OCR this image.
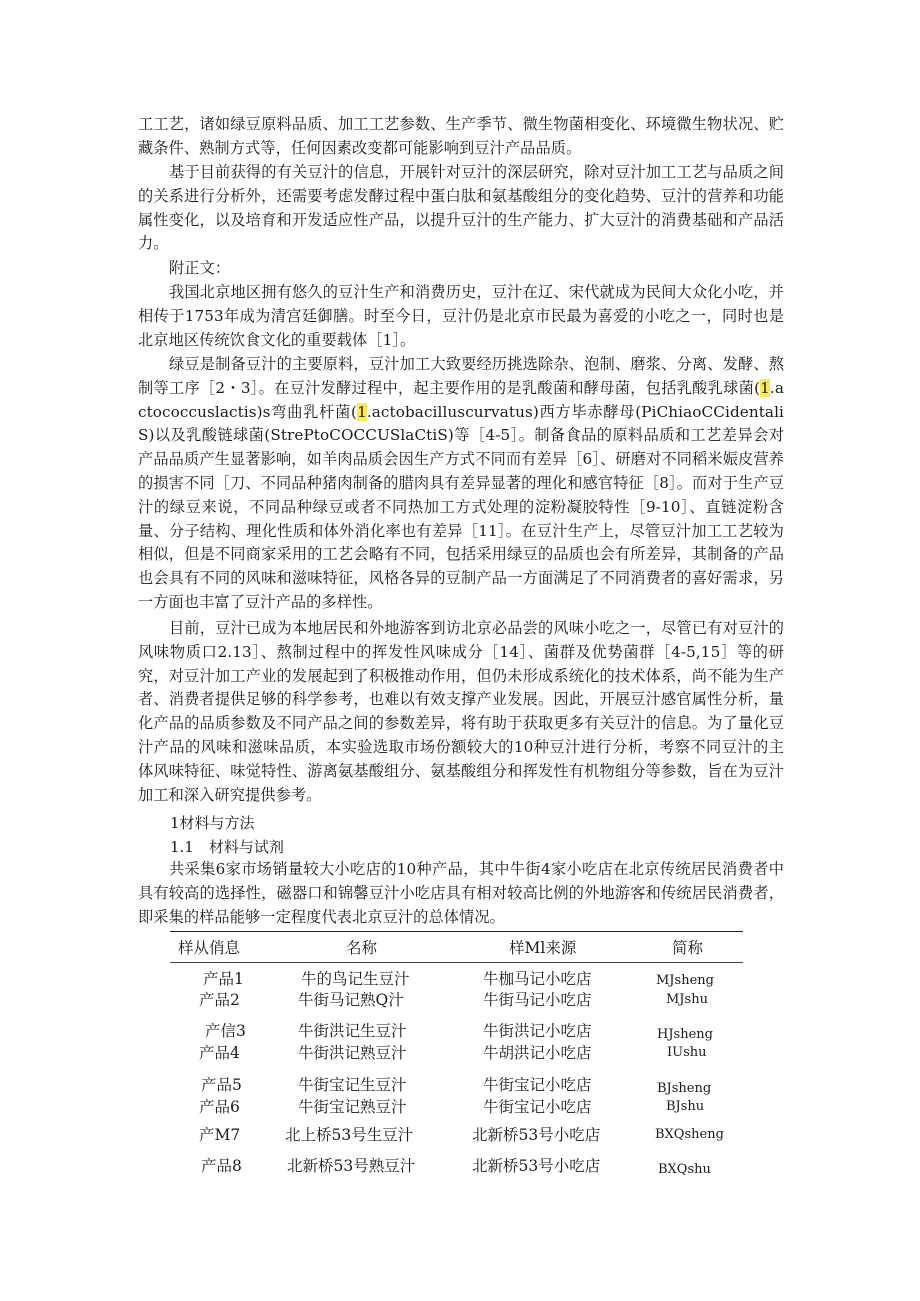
工工艺，诸如绿豆原料品质、加工工艺参数、生产季节、微生物菌相变化、环境微生物状况、贮藏条件、熟制方式等，任何因素改变都可能影响到豆汁产品品质。

基于目前获得的有关豆汁的信息，开展针对豆汁的深层研究，除对豆汁加工工艺与品质之间的关系进行分析外，还需要考虑发酵过程中蛋白肽和氨基酸组分的变化趋势、豆汁的营养和功能属性变化，以及培育和开发适应性产品，以提升豆汁的生产能力、扩大豆汁的消费基础和产品活力。

附正文：

我国北京地区拥有悠久的豆汁生产和消费历史，豆汁在辽、宋代就成为民间大众化小吃，并相传于1753年成为清宫廷御膳。时至今日，豆汁仍是北京市民最为喜爱的小吃之一，同时也是北京地区传统饮食文化的重要载体［1］。

绿豆是制备豆汁的主要原料，豆汁加工大致要经历挑选除杂、泡制、磨浆、分离、发酵、熬制等工序［2・3］。在豆汁发酵过程中，起主要作用的是乳酸菌和酵母菌，包括乳酸乳球菌(1.actococcuslactis)s弯曲乳杆菌(1.actobacilluscurvatus)西方毕赤酵母(PiChiaoCCidentaliS)以及乳酸链球菌(StrePtoCOCCUSlaCtiS)等［4-5］。制备食品的原料品质和工艺差异会对产品品质产生显著影响，如羊肉品质会因生产方式不同而有差异［6］、研磨对不同稻米娠皮营养的损害不同［刀、不同品种猪肉制备的腊肉具有差异显著的理化和感官特征［8］。而对于生产豆汁的绿豆来说，不同品种绿豆或者不同热加工方式处理的淀粉凝胶特性［9-10］、直链淀粉含量、分子结构、理化性质和体外消化率也有差异［11］。在豆汁生产上，尽管豆汁加工工艺较为相似，但是不同商家采用的工艺会略有不同，包括采用绿豆的品质也会有所差异，其制备的产品也会具有不同的风味和滋味特征，风格各异的豆制产品一方面满足了不同消费者的喜好需求，另一方面也丰富了豆汁产品的多样性。

目前，豆汁已成为本地居民和外地游客到访北京必品尝的风味小吃之一，尽管已有对豆汁的风味物质口2.13］、熬制过程中的挥发性风味成分［14］、菌群及优势菌群［4-5,15］等的研究，对豆汁加工产业的发展起到了积极推动作用，但仍未形成系统化的技术体系，尚不能为生产者、消费者提供足够的科学参考，也难以有效支撑产业发展。因此，开展豆汁感官属性分析，量化产品的品质参数及不同产品之间的参数差异，将有助于获取更多有关豆汁的信息。为了量化豆汁产品的风味和滋味品质，本实验选取市场份额较大的10种豆汁进行分析，考察不同豆汁的主体风味特征、味觉特性、游离氨基酸组分、氨基酸组分和挥发性有机物组分等参数，旨在为豆汁加工和深入研究提供参考。

1材料与方法

1.1　材料与试剂

共采集6家市场销量较大小吃店的10种产品，其中牛街4家小吃店在北京传统居民消费者中具有较高的选择性，磁器口和锦馨豆汁小吃店具有相对较高比例的外地游客和传统居民消费者，即采集的样品能够一定程度代表北京豆汁的总体情况。

样从俏息	名称	样Ml来源	简称
产品1	牛的鸟记生豆汁	牛枷马记小吃店	MJsheng
产品2	牛街马记熟Q汁	牛街马记小吃店	MJshu
产信3	牛街洪记生豆汁	牛街洪记小吃店	HJsheng
产品4	牛街洪记熟豆汁	牛胡洪记小吃店	IUshu
产品5	牛街宝记生豆汁	牛街宝记小吃店	BJsheng
产品6	牛街宝记熟豆汁	牛街宝记小吃店	BJshu
产M7	北上桥53号生豆汁	北新桥53号小吃店	BXQsheng
产品8	北新桥53号熟豆汁	北新桥53号小吃店	BXQshu
